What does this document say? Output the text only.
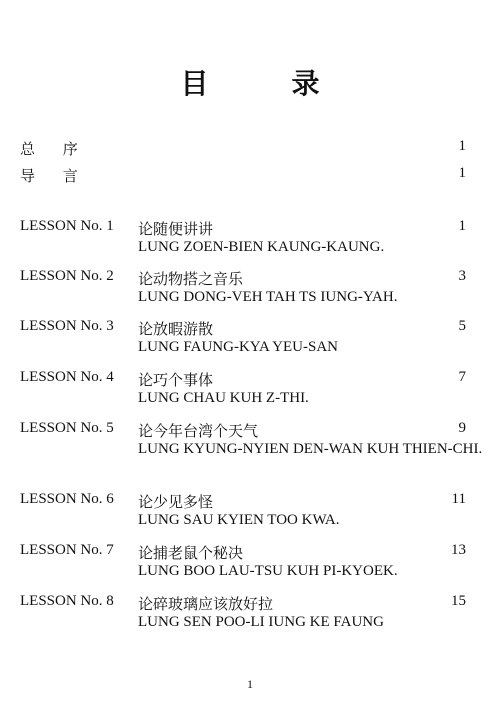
目 录
总 序	1
导 言	1
LESSON No. 1 论随便讲讲	1
LUNG ZOEN-BIEN KAUNG-KAUNG.
LESSON No. 2 论动物搭之音乐	3
LUNG DONG-VEH TAH TS IUNG-YAH.
LESSON No. 3 论放暇游散	5
LUNG FAUNG-KYA YEU-SAN
LESSON No. 4 论巧个事体	7
LUNG CHAU KUH Z-THI.
LESSON No. 5 论今年台湾个天气	9
LUNG KYUNG-NYIEN DEN-WAN KUH THIEN-CHI.
LESSON No. 6 论少见多怪	11
LUNG SAU KYIEN TOO KWA.
LESSON No. 7 论捕老鼠个秘决	13
LUNG BOO LAU-TSU KUH PI-KYOEK.
LESSON No. 8 论碎玻璃应该放好拉	15
LUNG SEN POO-LI IUNG KE FAUNG
1
